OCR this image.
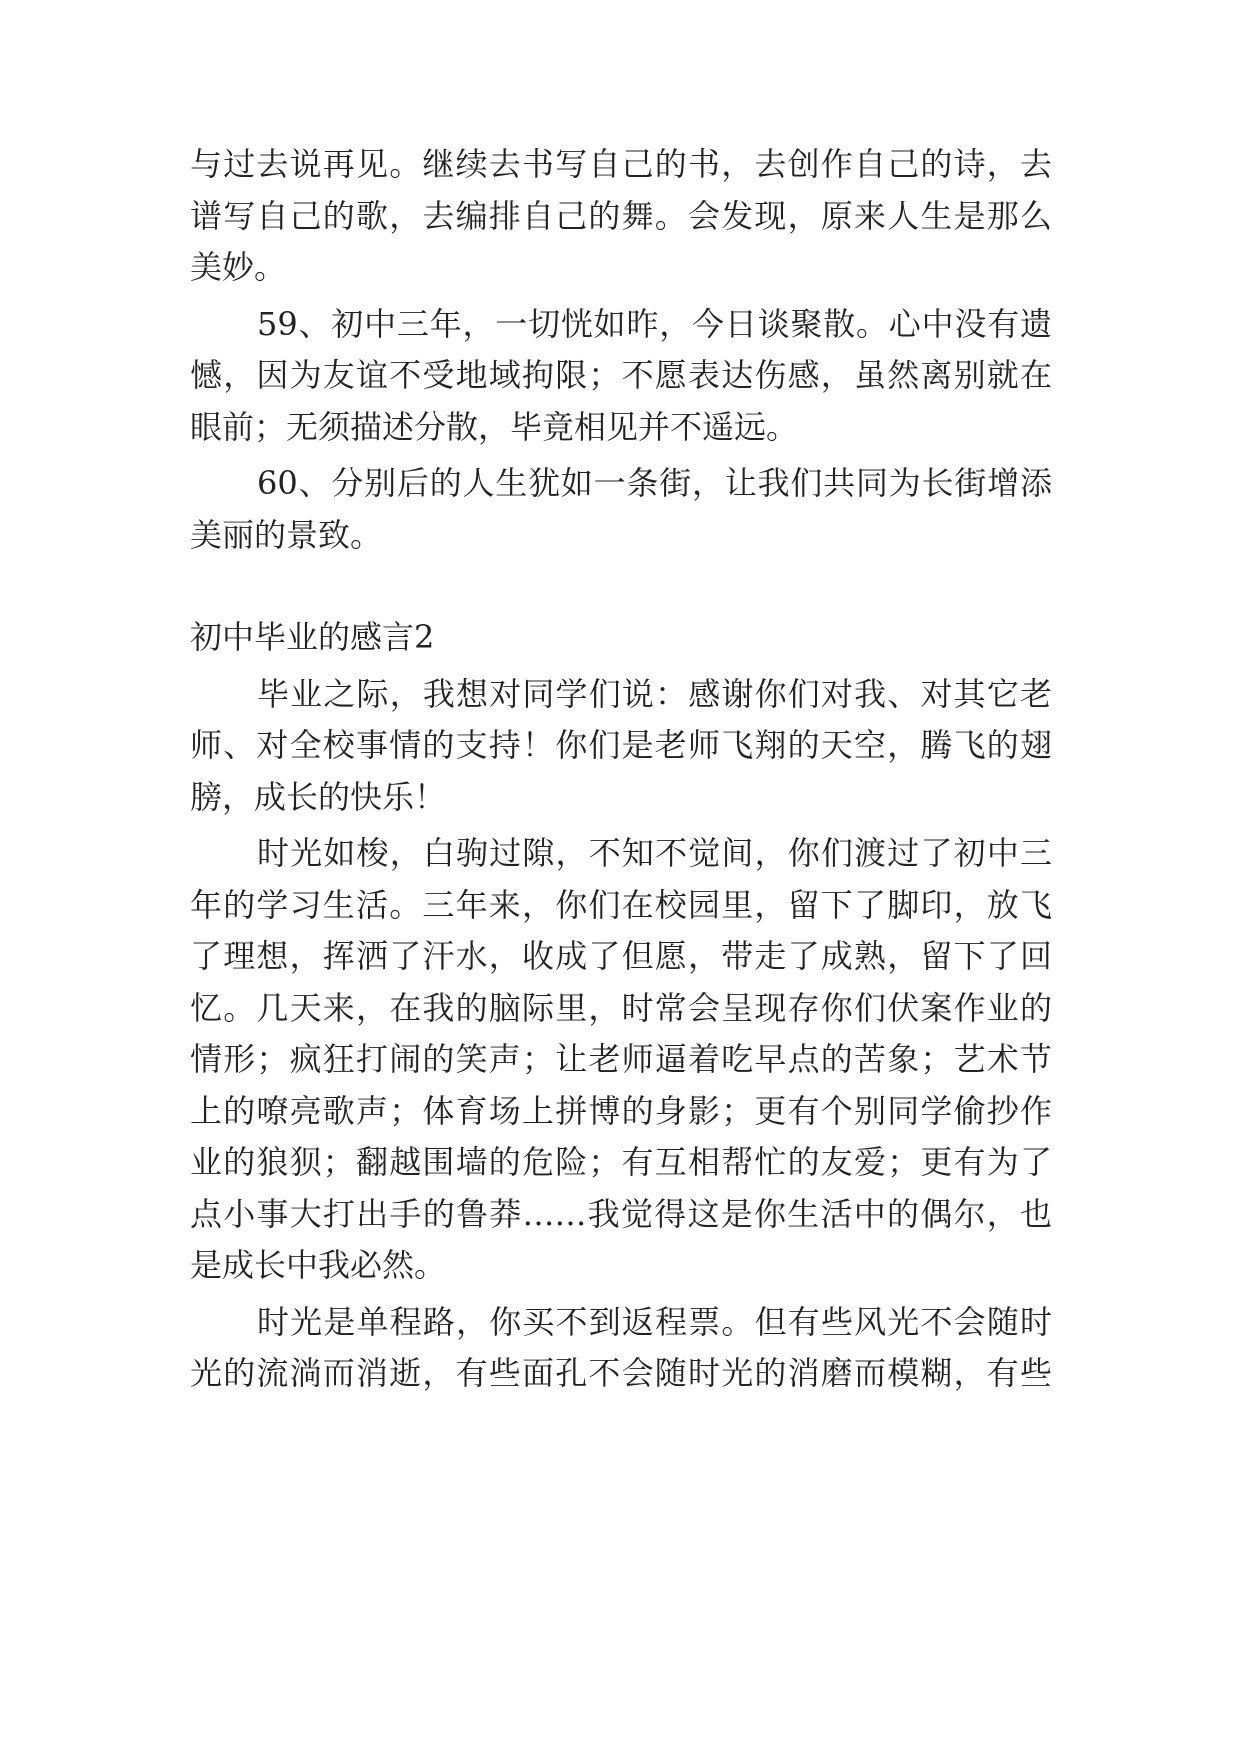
与过去说再见。继续去书写自己的书，去创作自己的诗，去
谱写自己的歌，去编排自己的舞。会发现，原来人生是那么
美妙。
59、初中三年，一切恍如昨，今日谈聚散。心中没有遗
憾，因为友谊不受地域拘限；不愿表达伤感，虽然离别就在
眼前；无须描述分散，毕竟相见并不遥远。
60、分别后的人生犹如一条街，让我们共同为长街增添
美丽的景致。
初中毕业的感言2
毕业之际，我想对同学们说：感谢你们对我、对其它老
师、对全校事情的支持！你们是老师飞翔的天空，腾飞的翅
膀，成长的快乐！
时光如梭，白驹过隙，不知不觉间，你们渡过了初中三
年的学习生活。三年来，你们在校园里，留下了脚印，放飞
了理想，挥洒了汗水，收成了但愿，带走了成熟，留下了回
忆。几天来，在我的脑际里，时常会呈现存你们伏案作业的
情形；疯狂打闹的笑声；让老师逼着吃早点的苦象；艺术节
上的嘹亮歌声；体育场上拼博的身影；更有个别同学偷抄作
业的狼狈；翻越围墙的危险；有互相帮忙的友爱；更有为了
点小事大打出手的鲁莽……我觉得这是你生活中的偶尔，也
是成长中我必然。
时光是单程路，你买不到返程票。但有些风光不会随时
光的流淌而消逝，有些面孔不会随时光的消磨而模糊，有些
